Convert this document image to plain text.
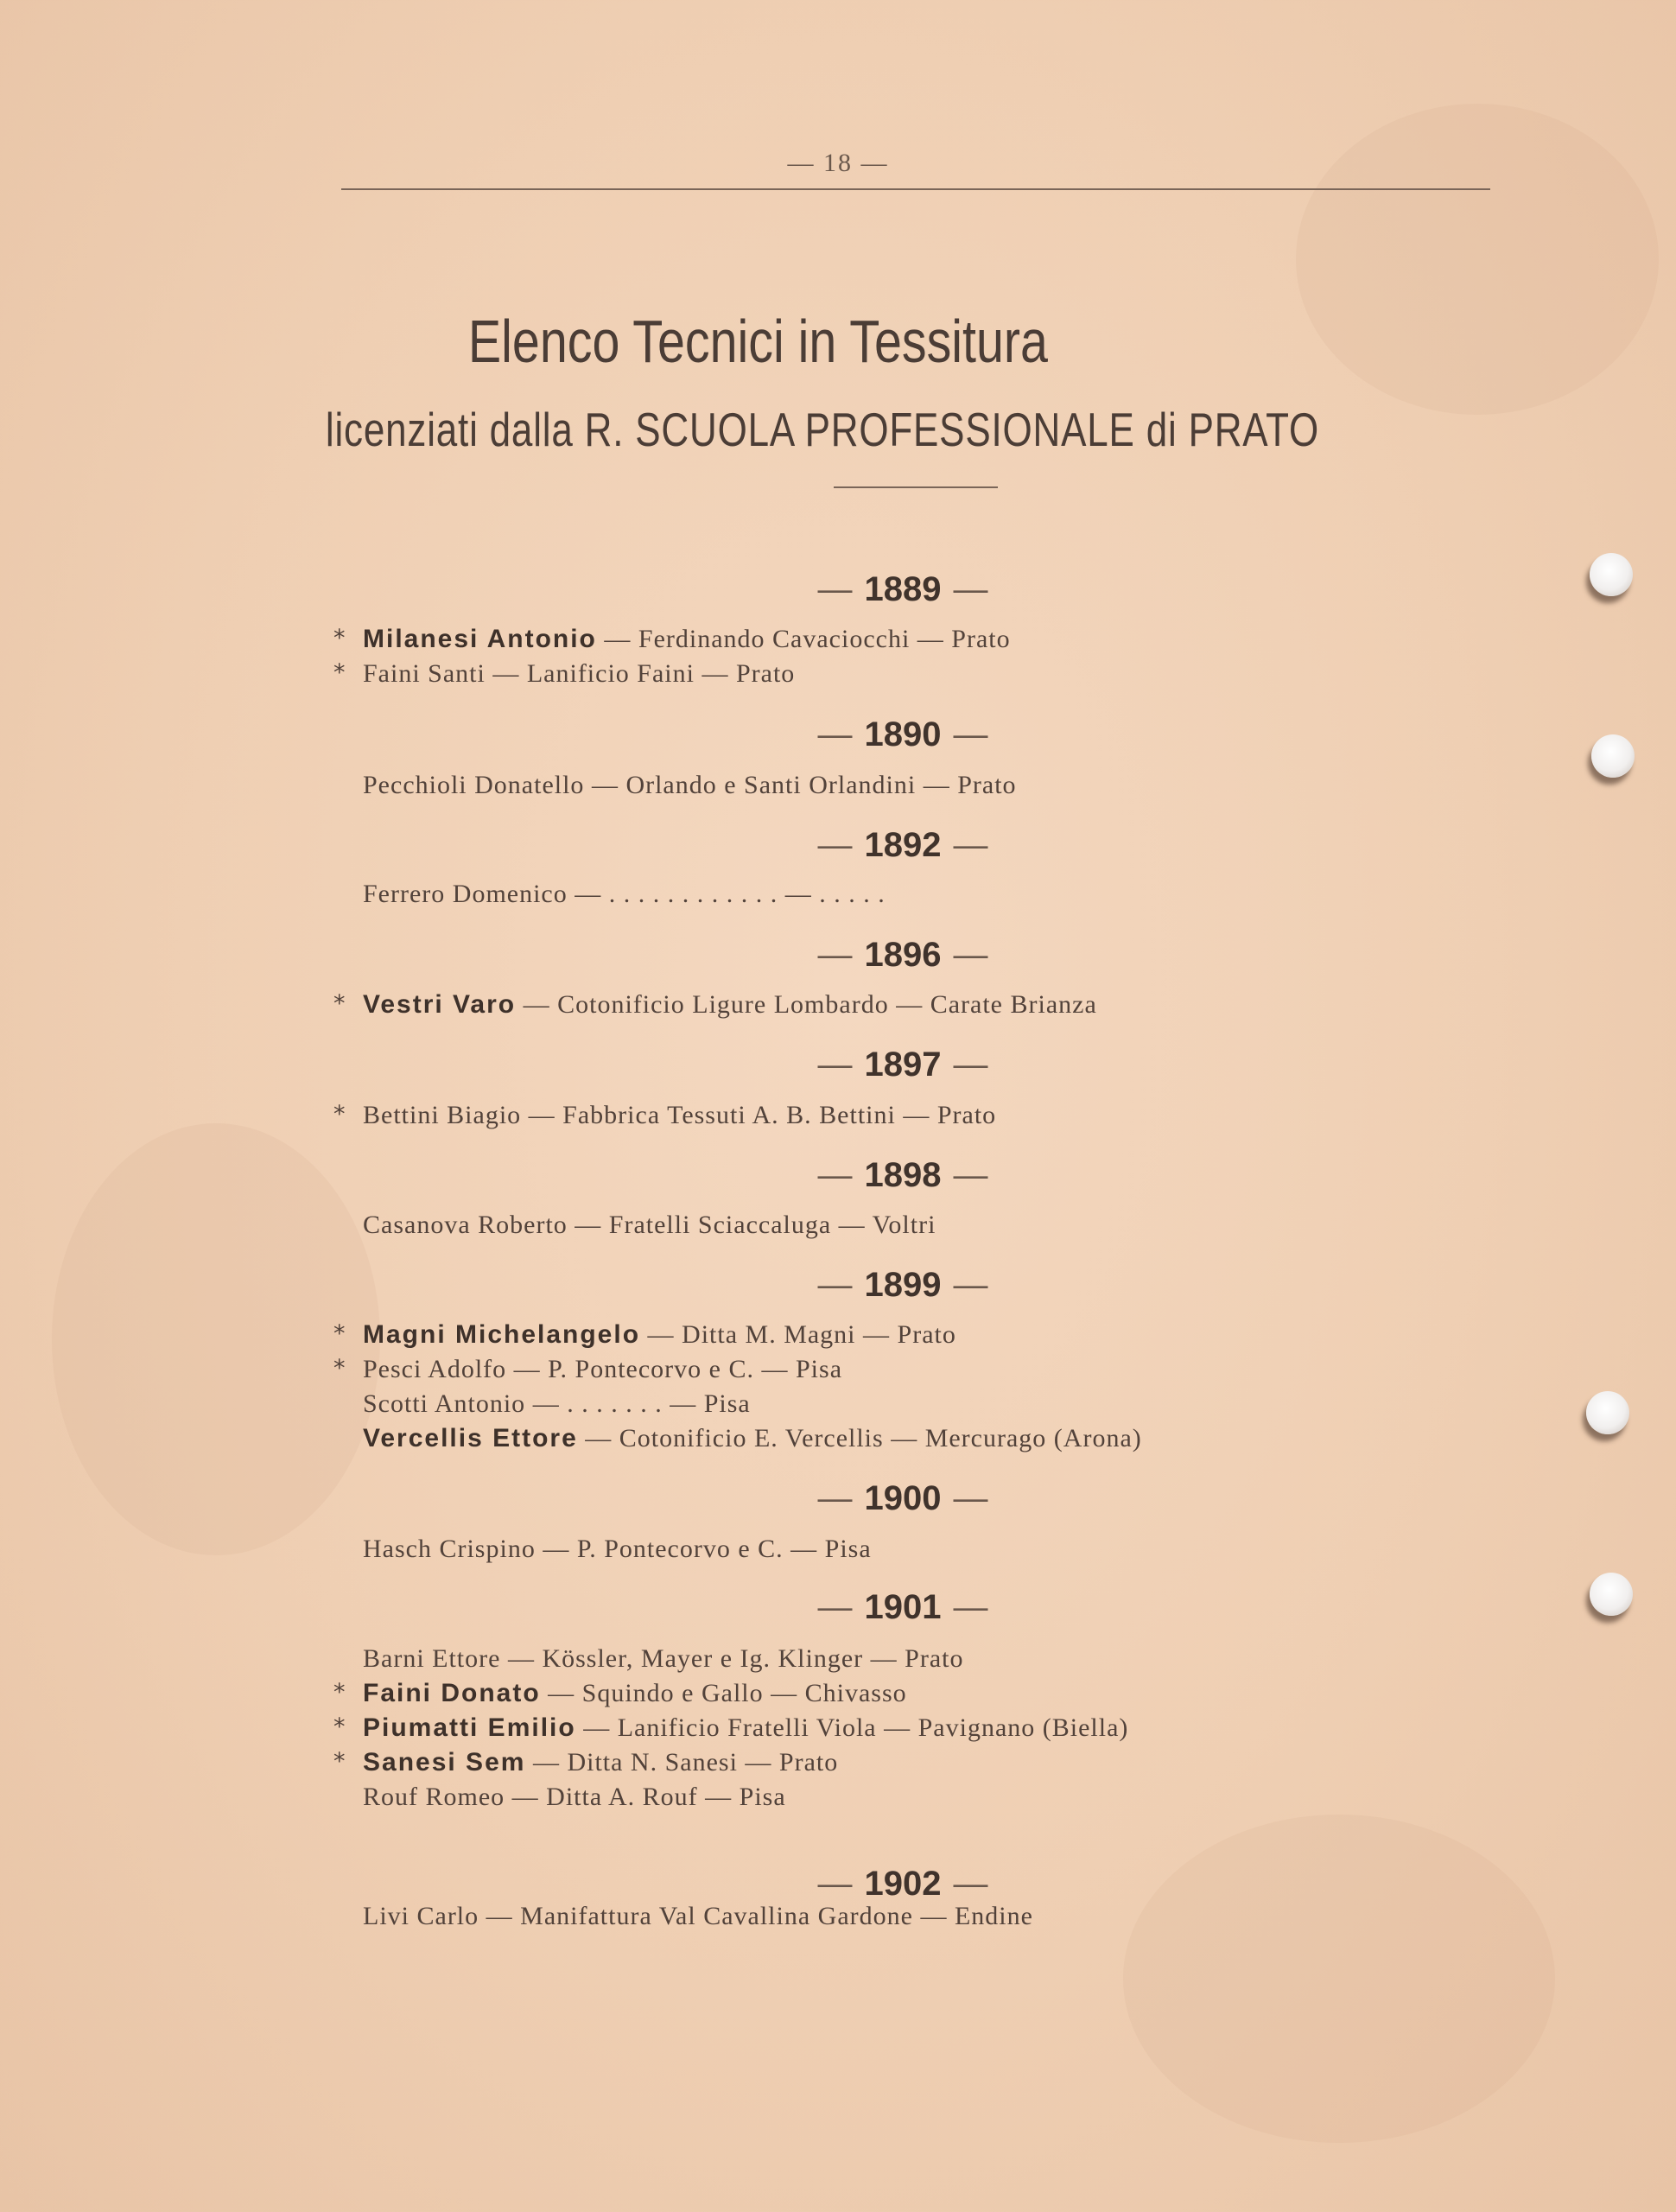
— 18 —
Elenco Tecnici in Tessitura
licenziati dalla R. SCUOLA PROFESSIONALE di PRATO
— 1889 —
* Milanesi Antonio — Ferdinando Cavaciocchi — Prato
* Faini Santi — Lanificio Faini — Prato
— 1890 —
Pecchioli Donatello — Orlando e Santi Orlandini — Prato
— 1892 —
Ferrero Domenico — . . . . . . . . . . . . — . . . . .
— 1896 —
* Vestri Varo — Cotonificio Ligure Lombardo — Carate Brianza
— 1897 —
* Bettini Biagio — Fabbrica Tessuti A. B. Bettini — Prato
— 1898 —
Casanova Roberto — Fratelli Sciaccaluga — Voltri
— 1899 —
* Magni Michelangelo — Ditta M. Magni — Prato
* Pesci Adolfo — P. Pontecorvo e C. — Pisa
Scotti Antonio — . . . . . . . — Pisa
Vercellis Ettore — Cotonificio E. Vercellis — Mercurago (Arona)
— 1900 —
Hasch Crispino — P. Pontecorvo e C. — Pisa
— 1901 —
Barni Ettore — Kössler, Mayer e Ig. Klinger — Prato
* Faini Donato — Squindo e Gallo — Chivasso
* Piumatti Emilio — Lanificio Fratelli Viola — Pavignano (Biella)
* Sanesi Sem — Ditta N. Sanesi — Prato
Rouf Romeo — Ditta A. Rouf — Pisa
— 1902 —
Livi Carlo — Manifattura Val Cavallina Gardone — Endine
